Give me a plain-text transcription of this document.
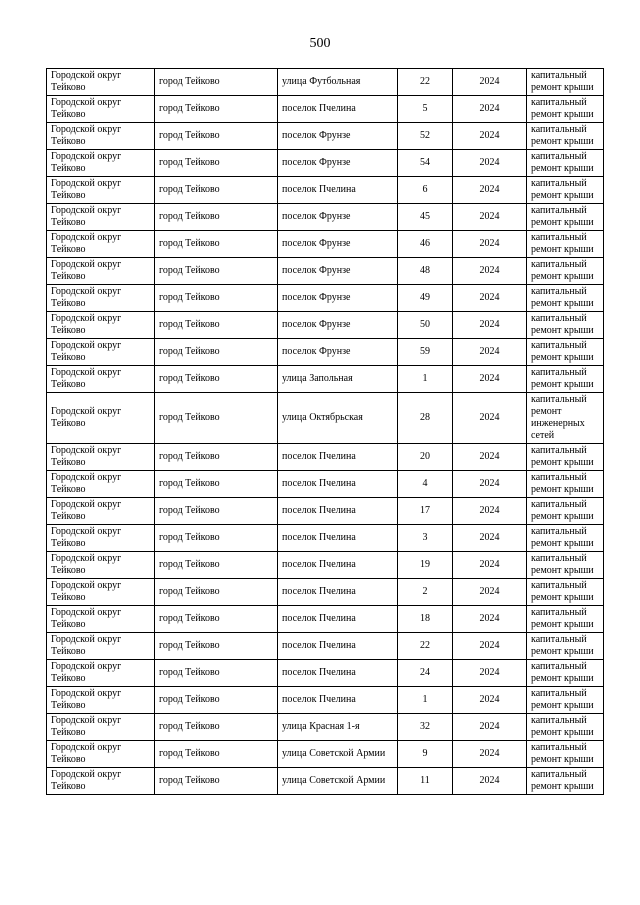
500
Городской округ Тейково	город Тейково	улица Футбольная	22	2024	капитальный ремонт крыши
Городской округ Тейково	город Тейково	поселок Пчелина	5	2024	капитальный ремонт крыши
Городской округ Тейково	город Тейково	поселок Фрунзе	52	2024	капитальный ремонт крыши
Городской округ Тейково	город Тейково	поселок Фрунзе	54	2024	капитальный ремонт крыши
Городской округ Тейково	город Тейково	поселок Пчелина	6	2024	капитальный ремонт крыши
Городской округ Тейково	город Тейково	поселок Фрунзе	45	2024	капитальный ремонт крыши
Городской округ Тейково	город Тейково	поселок Фрунзе	46	2024	капитальный ремонт крыши
Городской округ Тейково	город Тейково	поселок Фрунзе	48	2024	капитальный ремонт крыши
Городской округ Тейково	город Тейково	поселок Фрунзе	49	2024	капитальный ремонт крыши
Городской округ Тейково	город Тейково	поселок Фрунзе	50	2024	капитальный ремонт крыши
Городской округ Тейково	город Тейково	поселок Фрунзе	59	2024	капитальный ремонт крыши
Городской округ Тейково	город Тейково	улица Запольная	1	2024	капитальный ремонт крыши
Городской округ Тейково	город Тейково	улица Октябрьская	28	2024	капитальный ремонт инженерных сетей
Городской округ Тейково	город Тейково	поселок Пчелина	20	2024	капитальный ремонт крыши
Городской округ Тейково	город Тейково	поселок Пчелина	4	2024	капитальный ремонт крыши
Городской округ Тейково	город Тейково	поселок Пчелина	17	2024	капитальный ремонт крыши
Городской округ Тейково	город Тейково	поселок Пчелина	3	2024	капитальный ремонт крыши
Городской округ Тейково	город Тейково	поселок Пчелина	19	2024	капитальный ремонт крыши
Городской округ Тейково	город Тейково	поселок Пчелина	2	2024	капитальный ремонт крыши
Городской округ Тейково	город Тейково	поселок Пчелина	18	2024	капитальный ремонт крыши
Городской округ Тейково	город Тейково	поселок Пчелина	22	2024	капитальный ремонт крыши
Городской округ Тейково	город Тейково	поселок Пчелина	24	2024	капитальный ремонт крыши
Городской округ Тейково	город Тейково	поселок Пчелина	1	2024	капитальный ремонт крыши
Городской округ Тейково	город Тейково	улица Красная 1-я	32	2024	капитальный ремонт крыши
Городской округ Тейково	город Тейково	улица Советской Армии	9	2024	капитальный ремонт крыши
Городской округ Тейково	город Тейково	улица Советской Армии	11	2024	капитальный ремонт крыши
